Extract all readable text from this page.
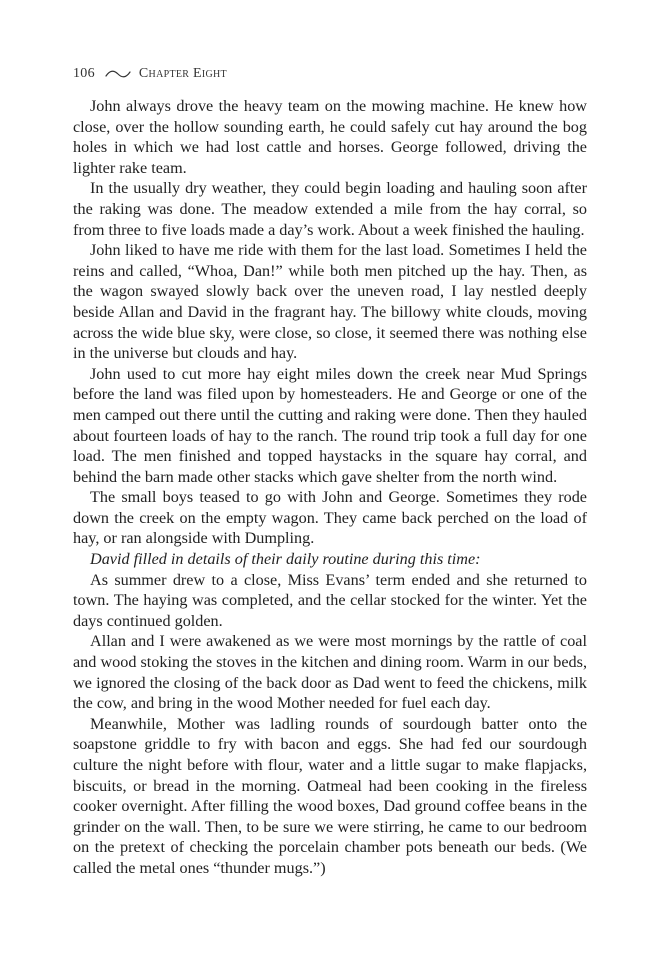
106	Chapter Eight

John always drove the heavy team on the mowing machine. He knew how close, over the hollow sounding earth, he could safely cut hay around the bog holes in which we had lost cattle and horses. George followed, driving the lighter rake team.

In the usually dry weather, they could begin loading and hauling soon after the raking was done. The meadow extended a mile from the hay corral, so from three to five loads made a day’s work. About a week finished the hauling.

John liked to have me ride with them for the last load. Sometimes I held the reins and called, “Whoa, Dan!” while both men pitched up the hay. Then, as the wagon swayed slowly back over the uneven road, I lay nestled deeply beside Allan and David in the fragrant hay. The billowy white clouds, moving across the wide blue sky, were close, so close, it seemed there was nothing else in the universe but clouds and hay.

John used to cut more hay eight miles down the creek near Mud Springs before the land was filed upon by homesteaders. He and George or one of the men camped out there until the cutting and raking were done. Then they hauled about fourteen loads of hay to the ranch. The round trip took a full day for one load. The men finished and topped haystacks in the square hay corral, and behind the barn made other stacks which gave shelter from the north wind.

The small boys teased to go with John and George. Sometimes they rode down the creek on the empty wagon. They came back perched on the load of hay, or ran alongside with Dumpling.

David filled in details of their daily routine during this time:

As summer drew to a close, Miss Evans’ term ended and she returned to town. The haying was completed, and the cellar stocked for the winter. Yet the days continued golden.

Allan and I were awakened as we were most mornings by the rattle of coal and wood stoking the stoves in the kitchen and dining room. Warm in our beds, we ignored the closing of the back door as Dad went to feed the chickens, milk the cow, and bring in the wood Mother needed for fuel each day.

Meanwhile, Mother was ladling rounds of sourdough batter onto the soapstone griddle to fry with bacon and eggs. She had fed our sourdough culture the night before with flour, water and a little sugar to make flapjacks, biscuits, or bread in the morning. Oatmeal had been cooking in the fireless cooker overnight. After filling the wood boxes, Dad ground coffee beans in the grinder on the wall. Then, to be sure we were stirring, he came to our bedroom on the pretext of checking the porcelain chamber pots beneath our beds. (We called the metal ones “thunder mugs.”)
